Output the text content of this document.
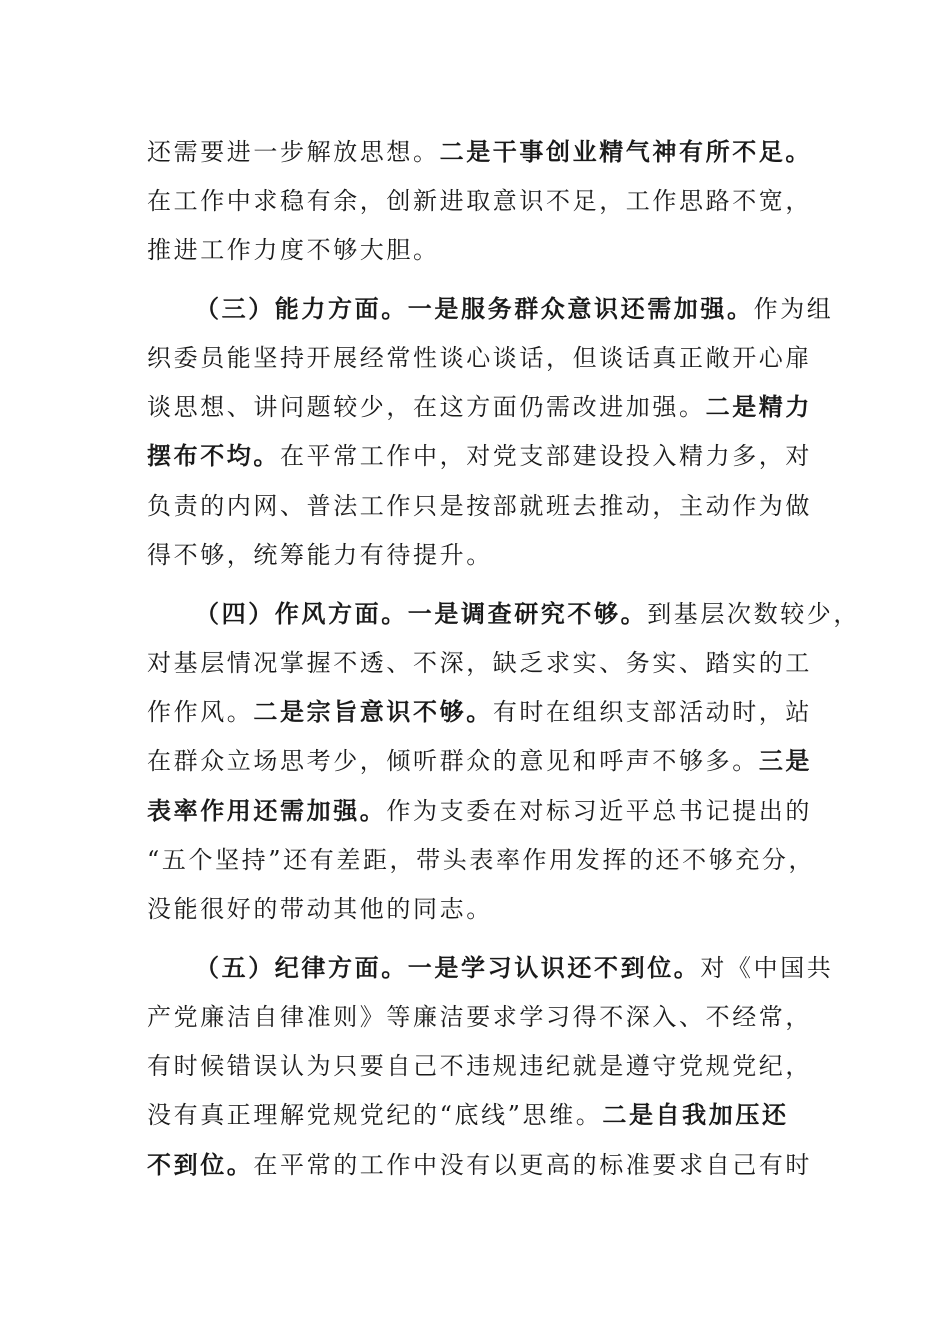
还需要进一步解放思想。二是干事创业精气神有所不足。
在工作中求稳有余，创新进取意识不足，工作思路不宽，
推进工作力度不够大胆。
（三）能力方面。一是服务群众意识还需加强。作为组
织委员能坚持开展经常性谈心谈话，但谈话真正敞开心扉
谈思想、讲问题较少，在这方面仍需改进加强。二是精力
摆布不均。在平常工作中，对党支部建设投入精力多，对
负责的内网、普法工作只是按部就班去推动，主动作为做
得不够，统筹能力有待提升。
（四）作风方面。一是调查研究不够。到基层次数较少，
对基层情况掌握不透、不深，缺乏求实、务实、踏实的工
作作风。二是宗旨意识不够。有时在组织支部活动时，站
在群众立场思考少，倾听群众的意见和呼声不够多。三是
表率作用还需加强。作为支委在对标习近平总书记提出的
“五个坚持”还有差距，带头表率作用发挥的还不够充分，
没能很好的带动其他的同志。
（五）纪律方面。一是学习认识还不到位。对《中国共
产党廉洁自律准则》等廉洁要求学习得不深入、不经常，
有时候错误认为只要自己不违规违纪就是遵守党规党纪，
没有真正理解党规党纪的“底线”思维。二是自我加压还
不到位。在平常的工作中没有以更高的标准要求自己有时
